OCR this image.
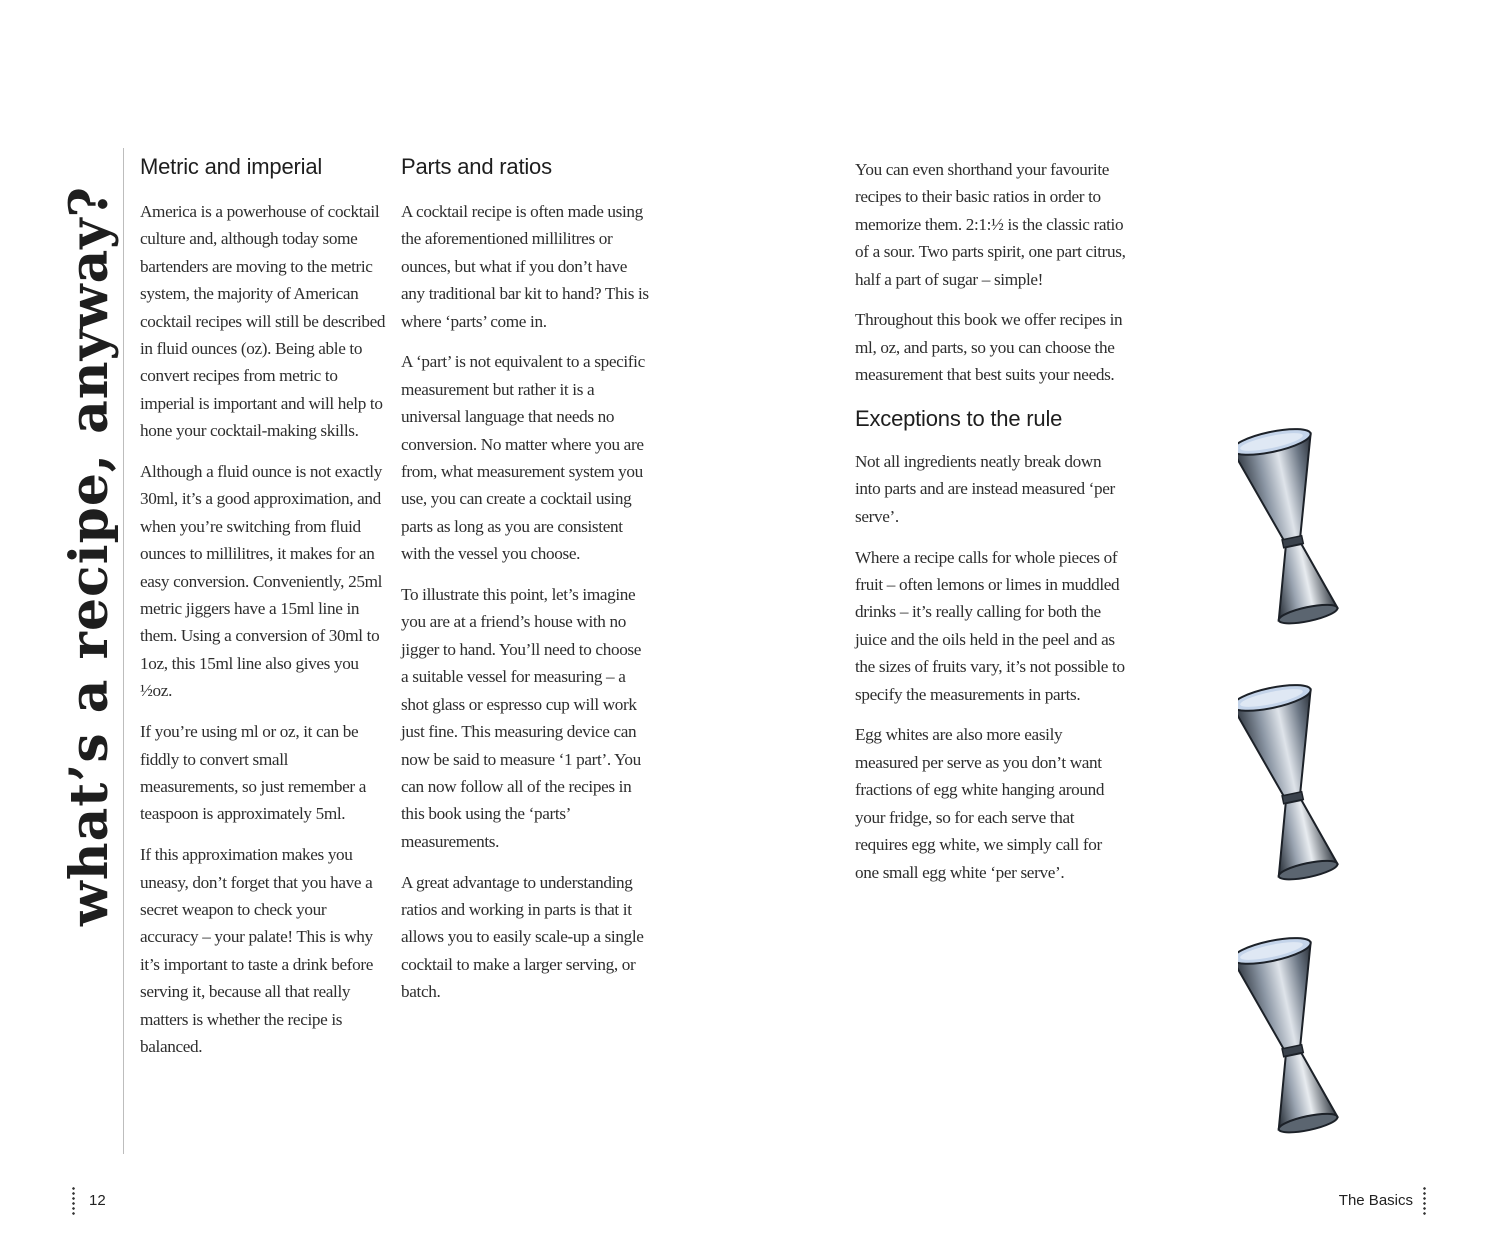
what’s a recipe, anyway?
Metric and imperial

America is a powerhouse of cocktail culture and, although today some bartenders are moving to the metric system, the majority of American cocktail recipes will still be described in fluid ounces (oz). Being able to convert recipes from metric to imperial is important and will help to hone your cocktail-making skills.

Although a fluid ounce is not exactly 30ml, it’s a good approximation, and when you’re switching from fluid ounces to millilitres, it makes for an easy conversion. Conveniently, 25ml metric jiggers have a 15ml line in them. Using a conversion of 30ml to 1oz, this 15ml line also gives you ½oz.

If you’re using ml or oz, it can be fiddly to convert small measurements, so just remember a teaspoon is approximately 5ml.

If this approximation makes you uneasy, don’t forget that you have a secret weapon to check your accuracy – your palate! This is why it’s important to taste a drink before serving it, because all that really matters is whether the recipe is balanced.

Parts and ratios

A cocktail recipe is often made using the aforementioned millilitres or ounces, but what if you don’t have any traditional bar kit to hand? This is where ‘parts’ come in.

A ‘part’ is not equivalent to a specific measurement but rather it is a universal language that needs no conversion. No matter where you are from, what measurement system you use, you can create a cocktail using parts as long as you are consistent with the vessel you choose.

To illustrate this point, let’s imagine you are at a friend’s house with no jigger to hand. You’ll need to choose a suitable vessel for measuring – a shot glass or espresso cup will work just fine. This measuring device can now be said to measure ‘1 part’. You can now follow all of the recipes in this book using the ‘parts’ measurements.

A great advantage to understanding ratios and working in parts is that it allows you to easily scale-up a single cocktail to make a larger serving, or batch.

You can even shorthand your favourite recipes to their basic ratios in order to memorize them. 2:1:½ is the classic ratio of a sour. Two parts spirit, one part citrus, half a part of sugar – simple!

Throughout this book we offer recipes in ml, oz, and parts, so you can choose the measurement that best suits your needs.

Exceptions to the rule

Not all ingredients neatly break down into parts and are instead measured ‘per serve’.

Where a recipe calls for whole pieces of fruit – often lemons or limes in muddled drinks – it’s really calling for both the juice and the oils held in the peel and as the sizes of fruits vary, it’s not possible to specify the measurements in parts.

Egg whites are also more easily measured per serve as you don’t want fractions of egg white hanging around your fridge, so for each serve that requires egg white, we simply call for one small egg white ‘per serve’.

12	The Basics
